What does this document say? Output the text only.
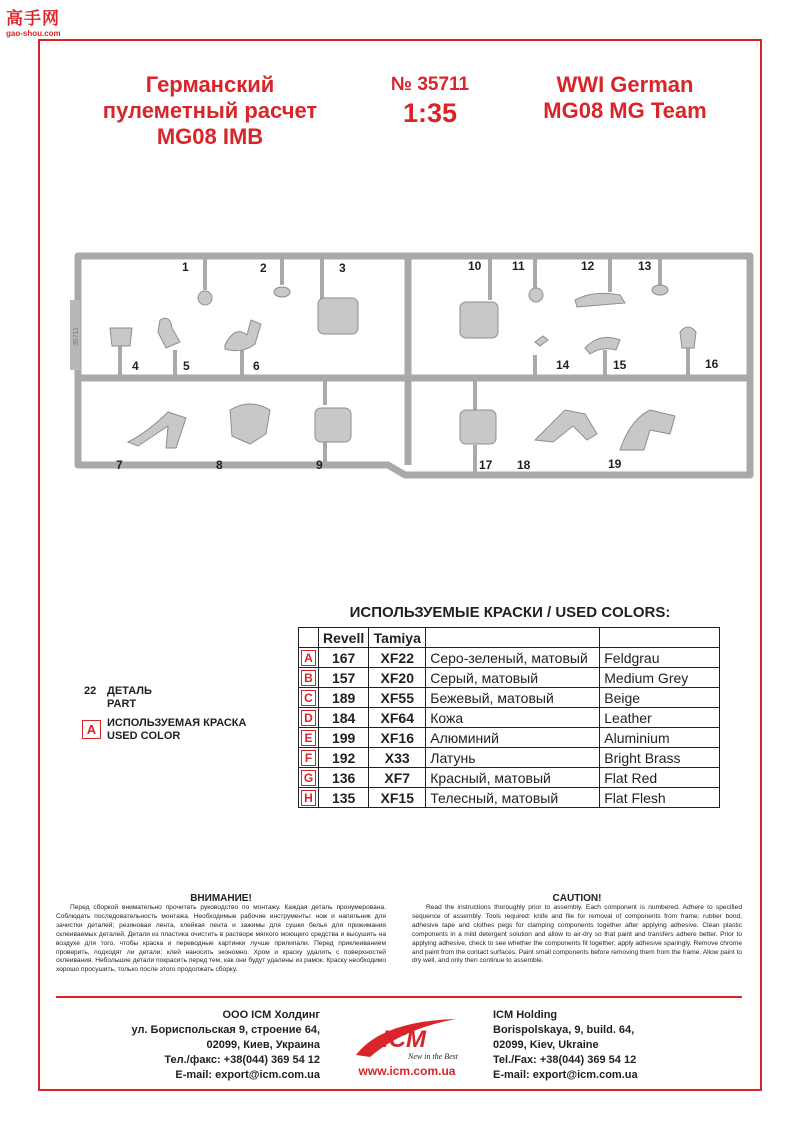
高手网
gao-shou.com
Германский
пулеметный расчет
MG08 IMB
№ 35711
1:35
WWI German
MG08 MG Team
35711
1	2	3
4	5	6
7	8	9
10	11	12	13
14	15	16
17 18	19
ИСПОЛЬЗУЕМЫЕ КРАСКИ / USED COLORS:
	Revell	Tamiya		
A	167	XF22	Серо-зеленый, матовый	Feldgrau
B	157	XF20	Серый, матовый	Medium Grey
C	189	XF55	Бежевый, матовый	Beige
D	184	XF64	Кожа	Leather
E	199	XF16	Алюминий	Aluminium
F	192	X33	Латунь	Bright Brass
G	136	XF7	Красный, матовый	Flat Red
H	135	XF15	Телесный, матовый	Flat Flesh
22 ДЕТАЛЬ
PART
A ИСПОЛЬЗУЕМАЯ КРАСКА
USED COLOR
ВНИМАНИЕ!
Перед сборкой внимательно прочитать руководство по монтажу. Каждая деталь пронумерована. Соблюдать последовательность монтажа. Необходимые рабочие инструменты: нож и напильник для зачистки деталей; резиновая лента, клейкая лента и зажимы для сушки белья для прижимания склеиваемых деталей. Детали из пластика очистить в растворе мягкого моющего средства и высушить на воздухе для того, чтобы краска и переводные картинки лучше прилипали. Перед приклеиванием проверить, подходят ли детали; клей наносить экономно. Хром и краску удалить с поверхностей склеивания. Небольшие детали покрасить перед тем, как они будут удалены из рамок. Краску необходимо хорошо просушить, только после этого продолжать сборку.
CAUTION!
Read the instructions thoroughly prior to assembly. Each component is numbered. Adhere to specified sequence of assembly. Tools required: knife and file for removal of components from frame; rubber bond, adhesive tape and clothes pegs for clamping components together after applying adhesive. Clean plastic components in a mild detergent solution and allow to air-dry so that paint and transfers adhere better. Prior to applying adhesive, check to see whether the components fit together; apply adhesive sparingly. Remove chrome and paint from the contact surfaces. Paint small components before removing them from the frame. Allow paint to dry well, and only then continue to assemble.
ООО ICM Холдинг
ул. Бориспольская 9, строение 64,
02099, Киев, Украина
Тел./факс: +38(044) 369 54 12
E-mail: export@icm.com.ua
ICM
New in the Best
www.icm.com.ua
ICM Holding
Borispolskaya, 9, build. 64,
02099, Kiev, Ukraine
Tel./Fax: +38(044) 369 54 12
E-mail: export@icm.com.ua
